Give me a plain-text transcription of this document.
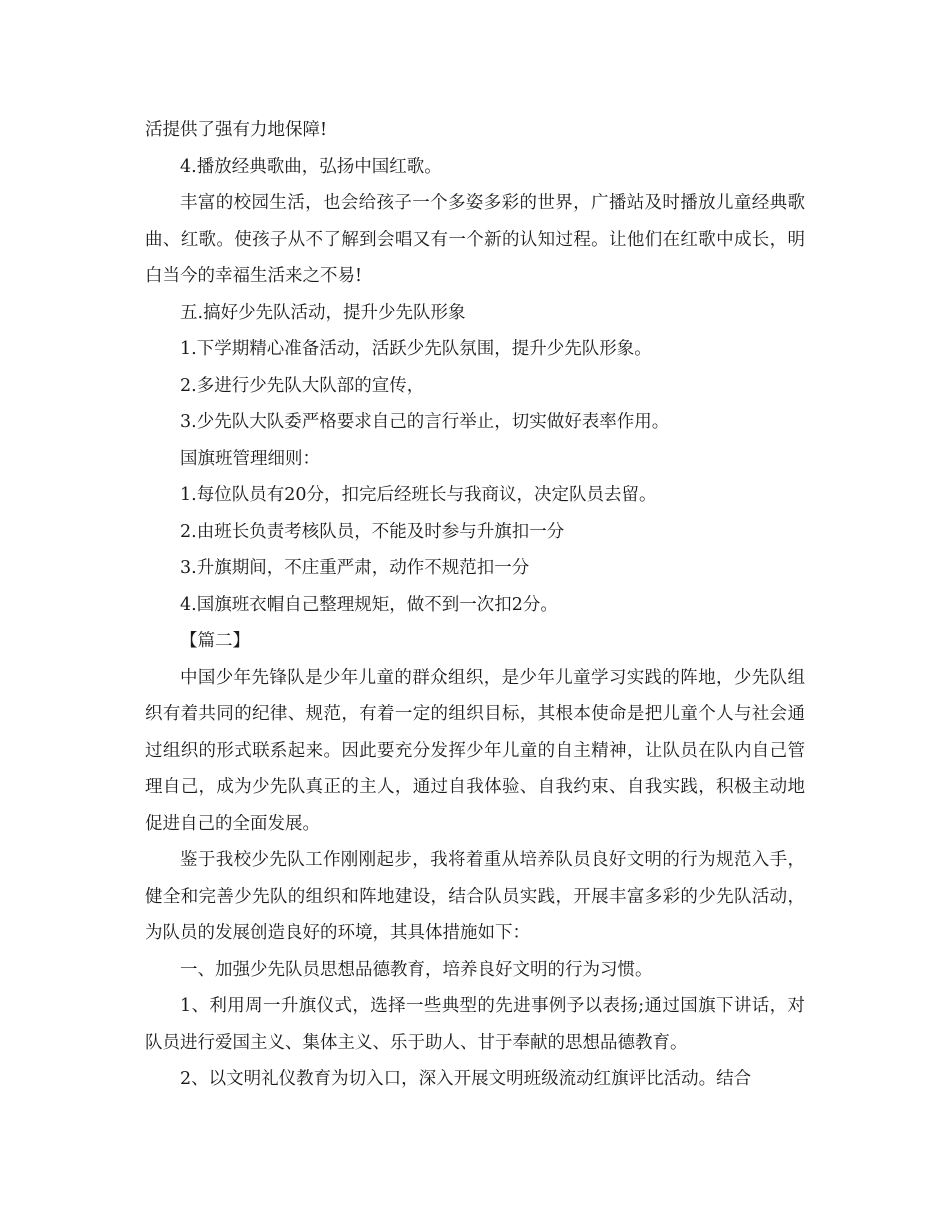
活提供了强有力地保障!

4.播放经典歌曲，弘扬中国红歌。

丰富的校园生活，也会给孩子一个多姿多彩的世界，广播站及时播放儿童经典歌曲、红歌。使孩子从不了解到会唱又有一个新的认知过程。让他们在红歌中成长，明白当今的幸福生活来之不易!

五.搞好少先队活动，提升少先队形象

1.下学期精心准备活动，活跃少先队氛围，提升少先队形象。

2.多进行少先队大队部的宣传，

3.少先队大队委严格要求自己的言行举止，切实做好表率作用。

国旗班管理细则：

1.每位队员有20分，扣完后经班长与我商议，决定队员去留。

2.由班长负责考核队员，不能及时参与升旗扣一分

3.升旗期间，不庄重严肃，动作不规范扣一分

4.国旗班衣帽自己整理规矩，做不到一次扣2分。

【篇二】

中国少年先锋队是少年儿童的群众组织，是少年儿童学习实践的阵地，少先队组织有着共同的纪律、规范，有着一定的组织目标，其根本使命是把儿童个人与社会通过组织的形式联系起来。因此要充分发挥少年儿童的自主精神，让队员在队内自己管理自己，成为少先队真正的主人，通过自我体验、自我约束、自我实践，积极主动地促进自己的全面发展。

鉴于我校少先队工作刚刚起步，我将着重从培养队员良好文明的行为规范入手，健全和完善少先队的组织和阵地建设，结合队员实践，开展丰富多彩的少先队活动，为队员的发展创造良好的环境，其具体措施如下：

一、加强少先队员思想品德教育，培养良好文明的行为习惯。

1、利用周一升旗仪式，选择一些典型的先进事例予以表扬;通过国旗下讲话，对队员进行爱国主义、集体主义、乐于助人、甘于奉献的思想品德教育。

2、以文明礼仪教育为切入口，深入开展文明班级流动红旗评比活动。结合
